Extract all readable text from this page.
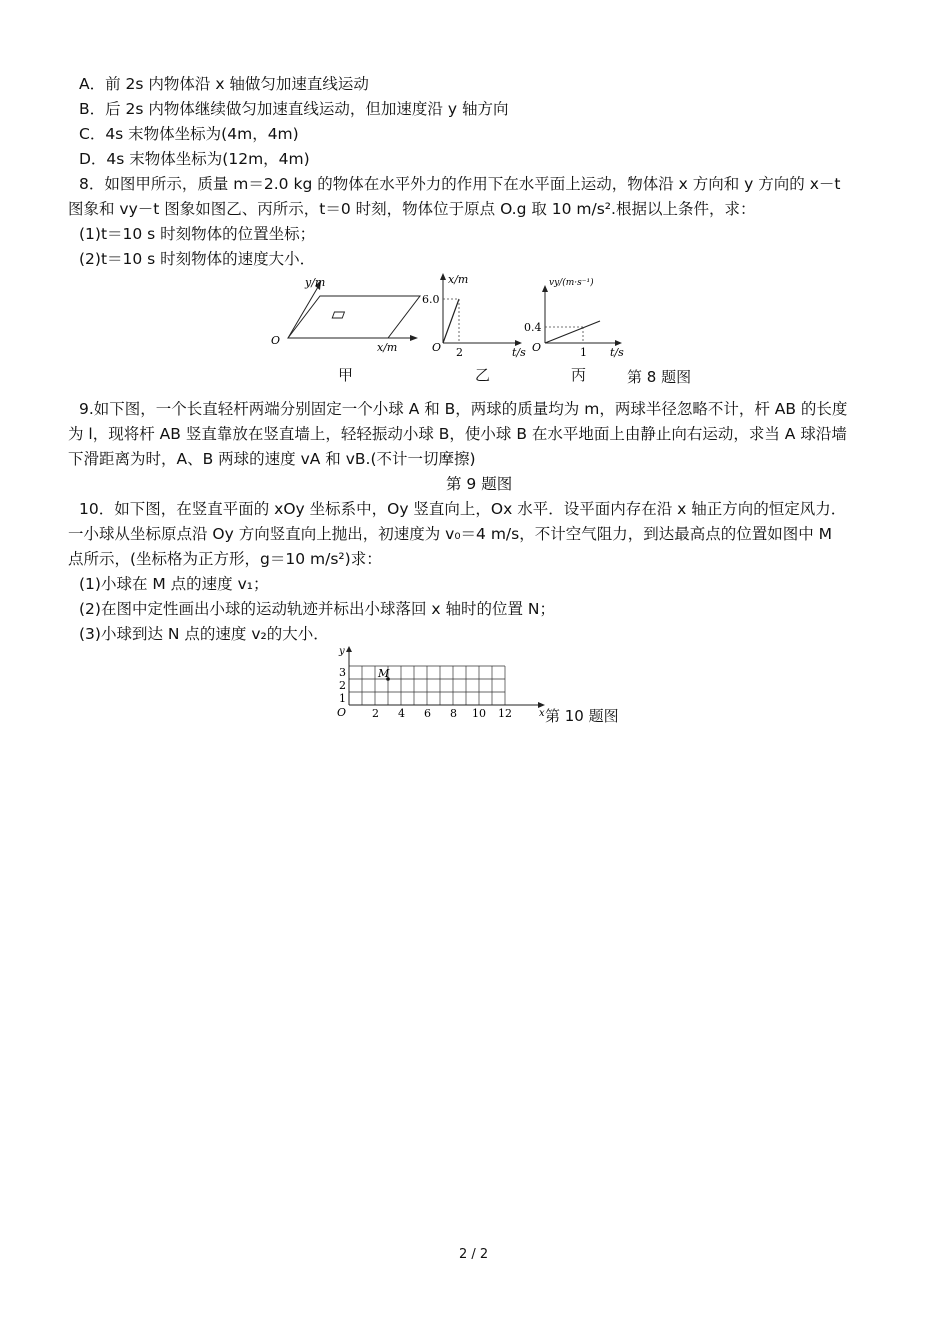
A．前 2s 内物体沿 x 轴做匀加速直线运动
B．后 2s 内物体继续做匀加速直线运动，但加速度沿 y 轴方向
C．4s 末物体坐标为(4m，4m)
D．4s 末物体坐标为(12m，4m)
8．如图甲所示，质量 m＝2.0 kg 的物体在水平外力的作用下在水平面上运动，物体沿 x 方向和 y 方向的 x－t
图象和 vy－t 图象如图乙、丙所示，t＝0 时刻，物体位于原点 O.g 取 10 m/s².根据以上条件，求：
(1)t＝10 s 时刻物体的位置坐标；
(2)t＝10 s 时刻物体的速度大小．
y/m
x/m
O
x/m
6.0
2	t/s
O
vy/(m·s⁻¹)
0.4
1 t/s
O
甲	乙	丙	第 8 题图
9.如下图，一个长直轻杆两端分别固定一个小球 A 和 B，两球的质量均为 m，两球半径忽略不计，杆 AB 的长度
为 l，现将杆 AB 竖直靠放在竖直墙上，轻轻振动小球 B，使小球 B 在水平地面上由静止向右运动，求当 A 球沿墙
下滑距离为时，A、B 两球的速度 vA 和 vB.(不计一切摩擦)
第 9 题图
10．如下图，在竖直平面的 xOy 坐标系中，Oy 竖直向上，Ox 水平．设平面内存在沿 x 轴正方向的恒定风力．
一小球从坐标原点沿 Oy 方向竖直向上抛出，初速度为 v₀＝4 m/s，不计空气阻力，到达最高点的位置如图中 M
点所示，(坐标格为正方形，g＝10 m/s²)求：
(1)小球在 M 点的速度 v₁；
(2)在图中定性画出小球的运动轨迹并标出小球落回 x 轴时的位置 N；
(3)小球到达 N 点的速度 v₂的大小．
M
y
x
O 2 4 6 8 10 12
1
2
3
第 10 题图
2 / 2
